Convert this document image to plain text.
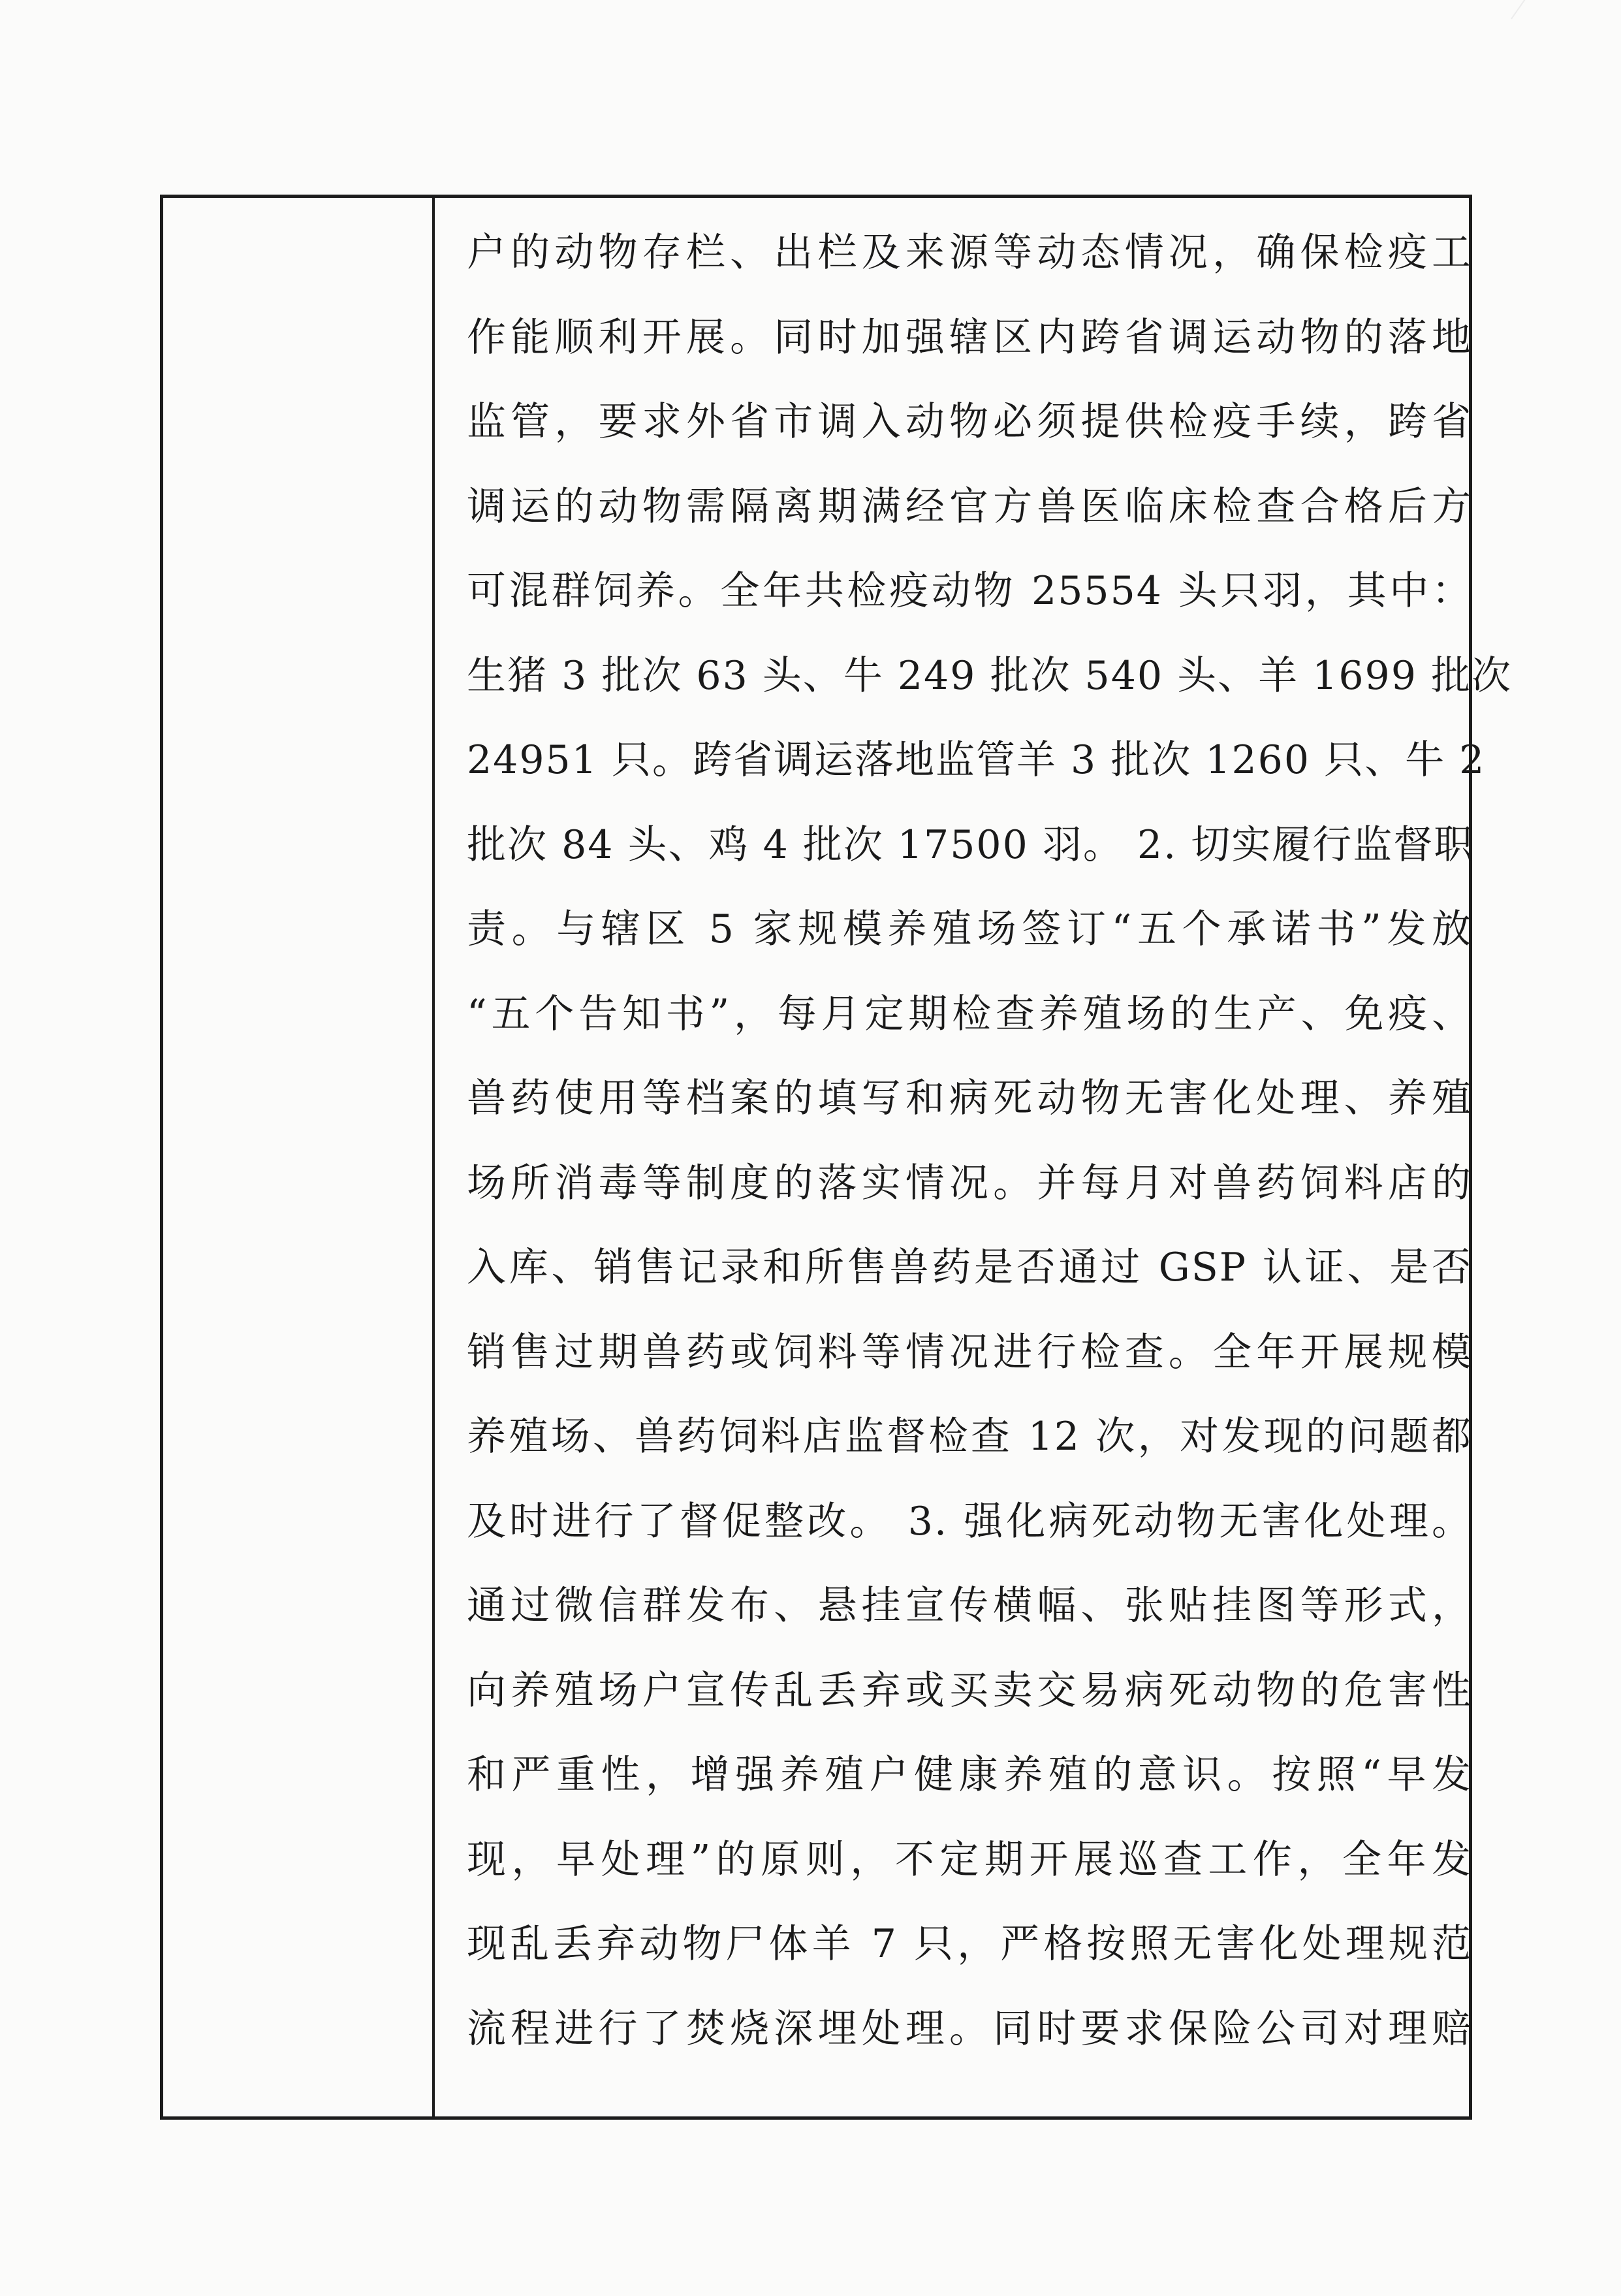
户的动物存栏、出栏及来源等动态情况，确保检疫工
作能顺利开展。同时加强辖区内跨省调运动物的落地
监管，要求外省市调入动物必须提供检疫手续，跨省
调运的动物需隔离期满经官方兽医临床检查合格后方
可混群饲养。全年共检疫动物 25554 头只羽，其中：
生猪 3 批次 63 头、牛 249 批次 540 头、羊 1699 批次
24951 只。跨省调运落地监管羊 3 批次 1260 只、牛 2
批次 84 头、鸡 4 批次 17500 羽。 2. 切实履行监督职
责。与辖区 5 家规模养殖场签订“五个承诺书”发放
“五个告知书”，每月定期检查养殖场的生产、免疫、
兽药使用等档案的填写和病死动物无害化处理、养殖
场所消毒等制度的落实情况。并每月对兽药饲料店的
入库、销售记录和所售兽药是否通过 GSP 认证、是否
销售过期兽药或饲料等情况进行检查。全年开展规模
养殖场、兽药饲料店监督检查 12 次，对发现的问题都
及时进行了督促整改。 3. 强化病死动物无害化处理。
通过微信群发布、悬挂宣传横幅、张贴挂图等形式，
向养殖场户宣传乱丢弃或买卖交易病死动物的危害性
和严重性，增强养殖户健康养殖的意识。按照“早发
现，早处理”的原则，不定期开展巡查工作，全年发
现乱丢弃动物尸体羊 7 只，严格按照无害化处理规范
流程进行了焚烧深埋处理。同时要求保险公司对理赔
